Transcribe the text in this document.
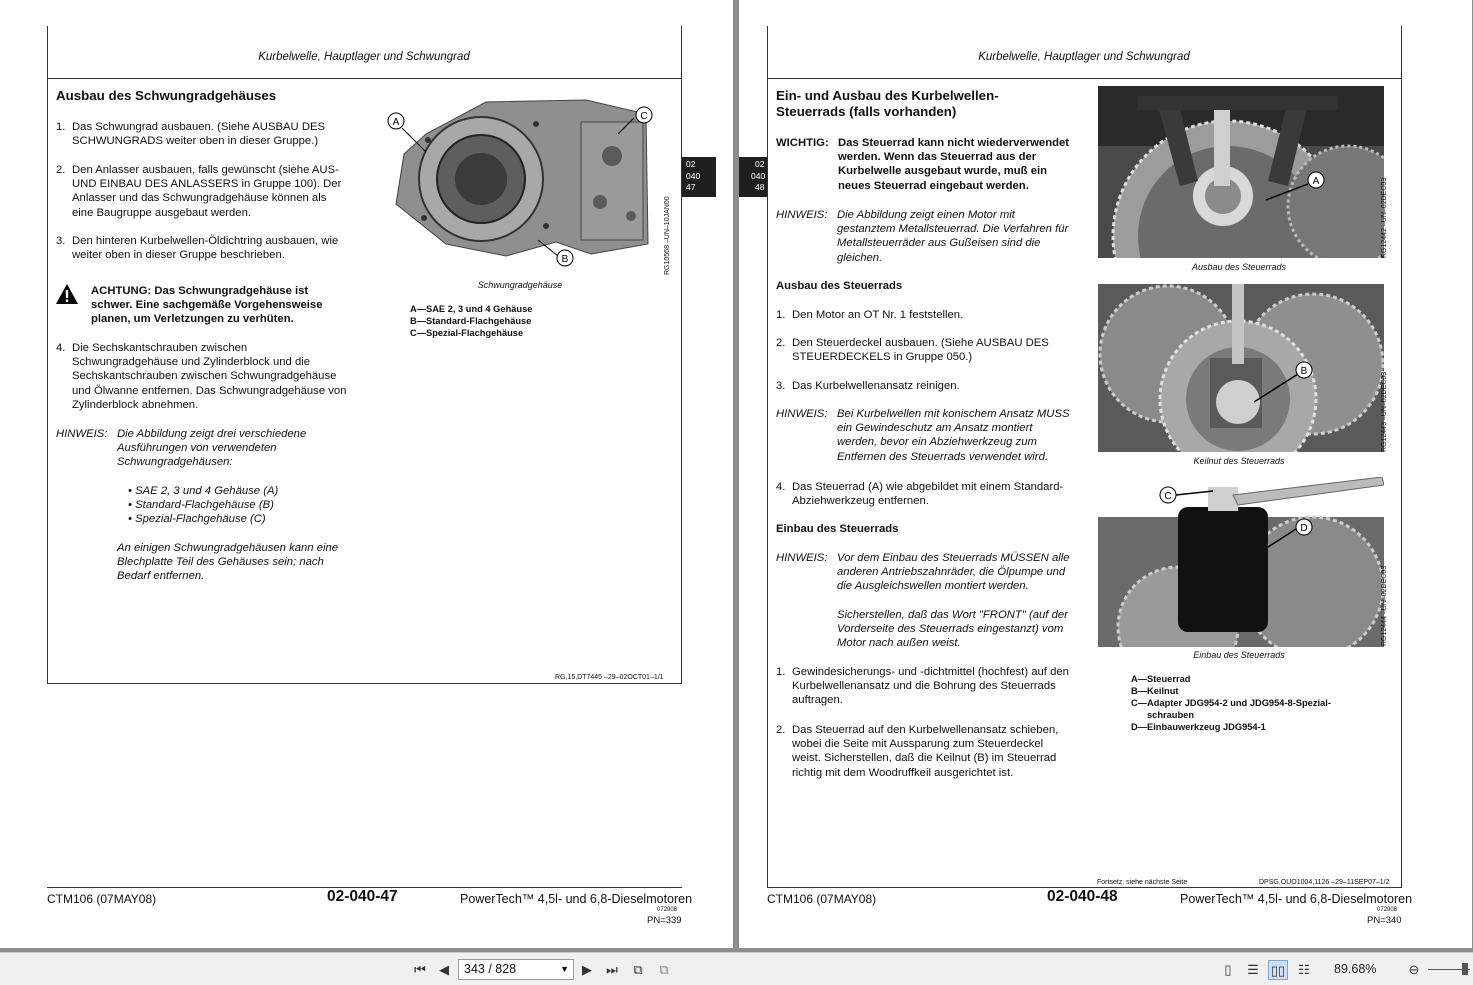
Kurbelwelle, Hauptlager und Schwungrad
02
040
47
Ausbau des Schwungradgehäuses
1. Das Schwungrad ausbauen. (Siehe AUSBAU DES
SCHWUNGRADS weiter oben in dieser Gruppe.)
2. Den Anlasser ausbauen, falls gewünscht (siehe AUS-
UND EINBAU DES ANLASSERS in Gruppe 100). Der
Anlasser und das Schwungradgehäuse können als
eine Baugruppe ausgebaut werden.
3. Den hinteren Kurbelwellen-Öldichtring ausbauen, wie
weiter oben in dieser Gruppe beschrieben.
ACHTUNG: Das Schwungradgehäuse ist
schwer. Eine sachgemäße Vorgehensweise
planen, um Verletzungen zu verhüten.
4. Die Sechskantschrauben zwischen
Schwungradgehäuse und Zylinderblock und die
Sechskantschrauben zwischen Schwungradgehäuse
und Ölwanne entfernen. Das Schwungradgehäuse von
Zylinderblock abnehmen.
HINWEIS: Die Abbildung zeigt drei verschiedene
Ausführungen von verwendeten
Schwungradgehäusen:
• SAE 2, 3 und 4 Gehäuse (A)
• Standard-Flachgehäuse (B)
• Spezial-Flachgehäuse (C)
An einigen Schwungradgehäusen kann eine
Blechplatte Teil des Gehäuses sein; nach
Bedarf entfernen.
A
C
B	RG10568 –UN–10JAN00
Schwungradgehäuse
A—SAE 2, 3 und 4 Gehäuse
B—Standard-Flachgehäuse
C—Spezial-Flachgehäuse
RG,15,DT7445 –29–02OCT01–1/1
CTM106 (07MAY08)	02-040-47	PowerTech™ 4,5l- und 6,8-Dieselmotoren
072908
PN=339
02
040
48
Kurbelwelle, Hauptlager und Schwungrad
Ein- und Ausbau des Kurbelwellen-
Steuerrads (falls vorhanden)
WICHTIG: Das Steuerrad kann nicht wiederverwendet
werden. Wenn das Steuerrad aus der
Kurbelwelle ausgebaut wurde, muß ein
neues Steuerrad eingebaut werden.
HINWEIS: Die Abbildung zeigt einen Motor mit
gestanztem Metallsteuerrad. Die Verfahren für
Metallsteuerräder aus Gußeisen sind die
gleichen.
Ausbau des Steuerrads
1. Den Motor an OT Nr. 1 feststellen.
2. Den Steuerdeckel ausbauen. (Siehe AUSBAU DES
STEUERDECKELS in Gruppe 050.)
3. Das Kurbelwellenansatz reinigen.
HINWEIS: Bei Kurbelwellen mit konischem Ansatz MUSS
ein Gewindeschutz am Ansatz montiert
werden, bevor ein Abziehwerkzeug zum
Entfernen des Steuerrads verwendet wird.
4. Das Steuerrad (A) wie abgebildet mit einem Standard-
Abziehwerkzeug entfernen.
Einbau des Steuerrads
HINWEIS: Vor dem Einbau des Steuerrads MÜSSEN alle
anderen Antriebszahnräder, die Ölpumpe und
die Ausgleichswellen montiert werden.
Sicherstellen, daß das Wort "FRONT" (auf der
Vorderseite des Steuerrads eingestanzt) vom
Motor nach außen weist.
1. Gewindesicherungs- und -dichtmittel (hochfest) auf den
Kurbelwellenansatz und die Bohrung des Steuerrads
auftragen.
2. Das Steuerrad auf den Kurbelwellenansatz schieben,
wobei die Seite mit Aussparung zum Steuerdeckel
weist. Sicherstellen, daß die Keilnut (B) im Steuerrad
richtig mit dem Woodruffkeil ausgerichtet ist.
A	RG12442 –UN–02DEC03
Ausbau des Steuerrads
B
RG12443 –UN–02DEC03
Keilnut des Steuerrads
C
D
RG12444 –UN–02DEC03
Einbau des Steuerrads
A—Steuerrad
B—Keilnut
C—Adapter JDG954-2 und JDG954-8-Spezial-
schrauben
D—Einbauwerkzeug JDG954-1
Fortsetz. siehe nächste Seite	DPSG,OUO1004,1126 –29–11SEP07–1/2
CTM106 (07MAY08)	02-040-48	PowerTech™ 4,5l- und 6,8-Dieselmotoren
072908
PN=340
⏮	◀	343 / 828	▼	▶	⏭	⧉	⧉	▯	☰ ▯▯	☷	89.68%	⊖
